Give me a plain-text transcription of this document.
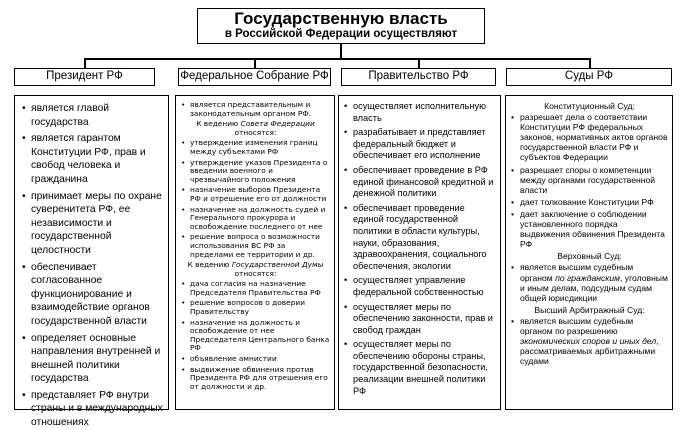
Государственную власть
в Российской Федерации осуществляют
Президент РФ	Федеральное Собрание РФ	Правительство РФ	Суды РФ
• является главой государства
• является гарантом Конституции РФ, прав и свобод человека и гражданина
• принимает меры по охране суверенитета РФ, ее независимости и государственной целостности
• обеспечивает согласованное функционирование и взаимодействие органов государственной власти
• определяет основные направления внутренней и внешней политики государства
• представляет РФ внутри страны и в международных отношениях
• является представительным и законодательным органом РФ.
К ведению Совета Федерации относятся:
• утверждение изменения границ между субъектами РФ
• утверждение указов Президента о введении военного и чрезвычайного положения
• назначение выборов Президента РФ и отрешение его от должности
• назначение на должность судей и Генерального прокурора и освобождение последнего от нее
• решение вопроса о возможности использования ВС РФ за пределами ее территории и др.
К ведению Государственной Думы относятся:
• дача согласия на назначение Председателя Правительства РФ
• решение вопросов о доверии Правительству
• назначение на должность и освобождение от нее Председателя Центрального банка РФ
• объявление амнистии
• выдвижение обвинения против Президента РФ для отрешения его от должности и др.
• осуществляет исполнительную власть
• разрабатывает и представляет федеральный бюджет и обеспечивает его исполнение
• обеспечивает проведение в РФ единой финансовой кредитной и денежной политики
• обеспечивает проведение единой государственной политики в области культуры, науки, образования, здравоохранения, социального обеспечения, экологии
• осуществляет управление федеральной собственностью
• осуществляет меры по обеспечению законности, прав и свобод граждан
• осуществляет меры по обеспечению обороны страны, государственной безопасности, реализации внешней политики РФ
Конституционный Суд:
• разрешает дела о соответствии Конституции РФ федеральных законов, нормативных актов органов государственной власти РФ и субъектов Федерации
• разрешает споры о компетенции между органами государственной власти
• дает толкование Конституции РФ
• дает заключение о соблюдении установленного порядка выдвижения обвинения Президента РФ
Верховный Суд:
• является высшим судебным органом по гражданским, уголовным и иным делам, подсудным судам общей юрисдикции
Высший Арбитражный Суд:
• является высшим судебным органом по разрешению экономических споров и иных дел, рассматриваемых арбитражными судами
